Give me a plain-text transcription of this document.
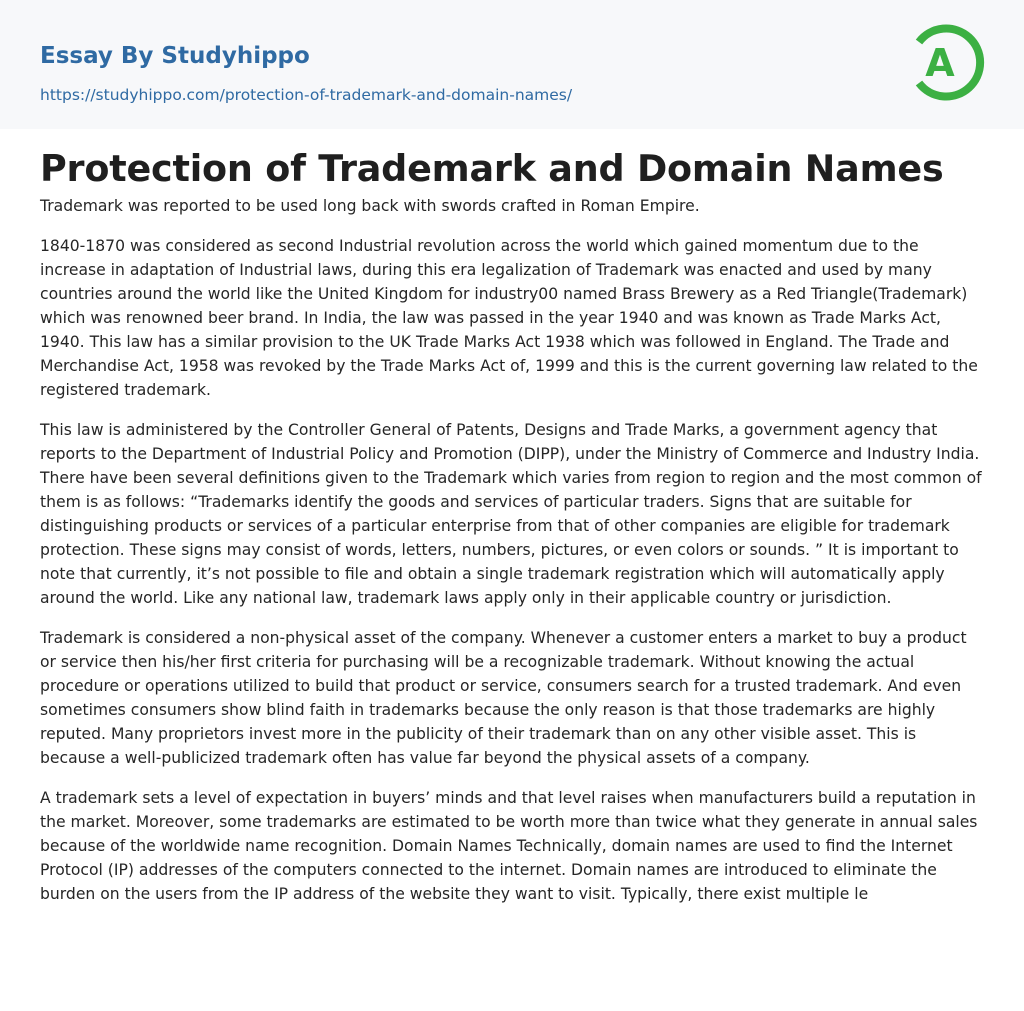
Essay By Studyhippo
https://studyhippo.com/protection-of-trademark-and-domain-names/
A
Protection of Trademark and Domain Names

Trademark was reported to be used long back with swords crafted in Roman Empire.

1840-1870 was considered as second Industrial revolution across the world which gained momentum due to the increase in adaptation of Industrial laws, during this era legalization of Trademark was enacted and used by many countries around the world like the United Kingdom for industry00 named Brass Brewery as a Red Triangle(Trademark) which was renowned beer brand. In India, the law was passed in the year 1940 and was known as Trade Marks Act, 1940. This law has a similar provision to the UK Trade Marks Act 1938 which was followed in England. The Trade and Merchandise Act, 1958 was revoked by the Trade Marks Act of, 1999 and this is the current governing law related to the registered trademark.

This law is administered by the Controller General of Patents, Designs and Trade Marks, a government agency that reports to the Department of Industrial Policy and Promotion (DIPP), under the Ministry of Commerce and Industry India. There have been several definitions given to the Trademark which varies from region to region and the most common of them is as follows: “Trademarks identify the goods and services of particular traders. Signs that are suitable for distinguishing products or services of a particular enterprise from that of other companies are eligible for trademark protection. These signs may consist of words, letters, numbers, pictures, or even colors or sounds. ” It is important to note that currently, it’s not possible to file and obtain a single trademark registration which will automatically apply around the world. Like any national law, trademark laws apply only in their applicable country or jurisdiction.

Trademark is considered a non-physical asset of the company. Whenever a customer enters a market to buy a product or service then his/her first criteria for purchasing will be a recognizable trademark. Without knowing the actual procedure or operations utilized to build that product or service, consumers search for a trusted trademark. And even sometimes consumers show blind faith in trademarks because the only reason is that those trademarks are highly reputed. Many proprietors invest more in the publicity of their trademark than on any other visible asset. This is because a well-publicized trademark often has value far beyond the physical assets of a company.

A trademark sets a level of expectation in buyers’ minds and that level raises when manufacturers build a reputation in the market. Moreover, some trademarks are estimated to be worth more than twice what they generate in annual sales because of the worldwide name recognition. Domain Names Technically, domain names are used to find the Internet Protocol (IP) addresses of the computers connected to the internet. Domain names are introduced to eliminate the burden on the users from the IP address of the website they want to visit. Typically, there exist multiple le
